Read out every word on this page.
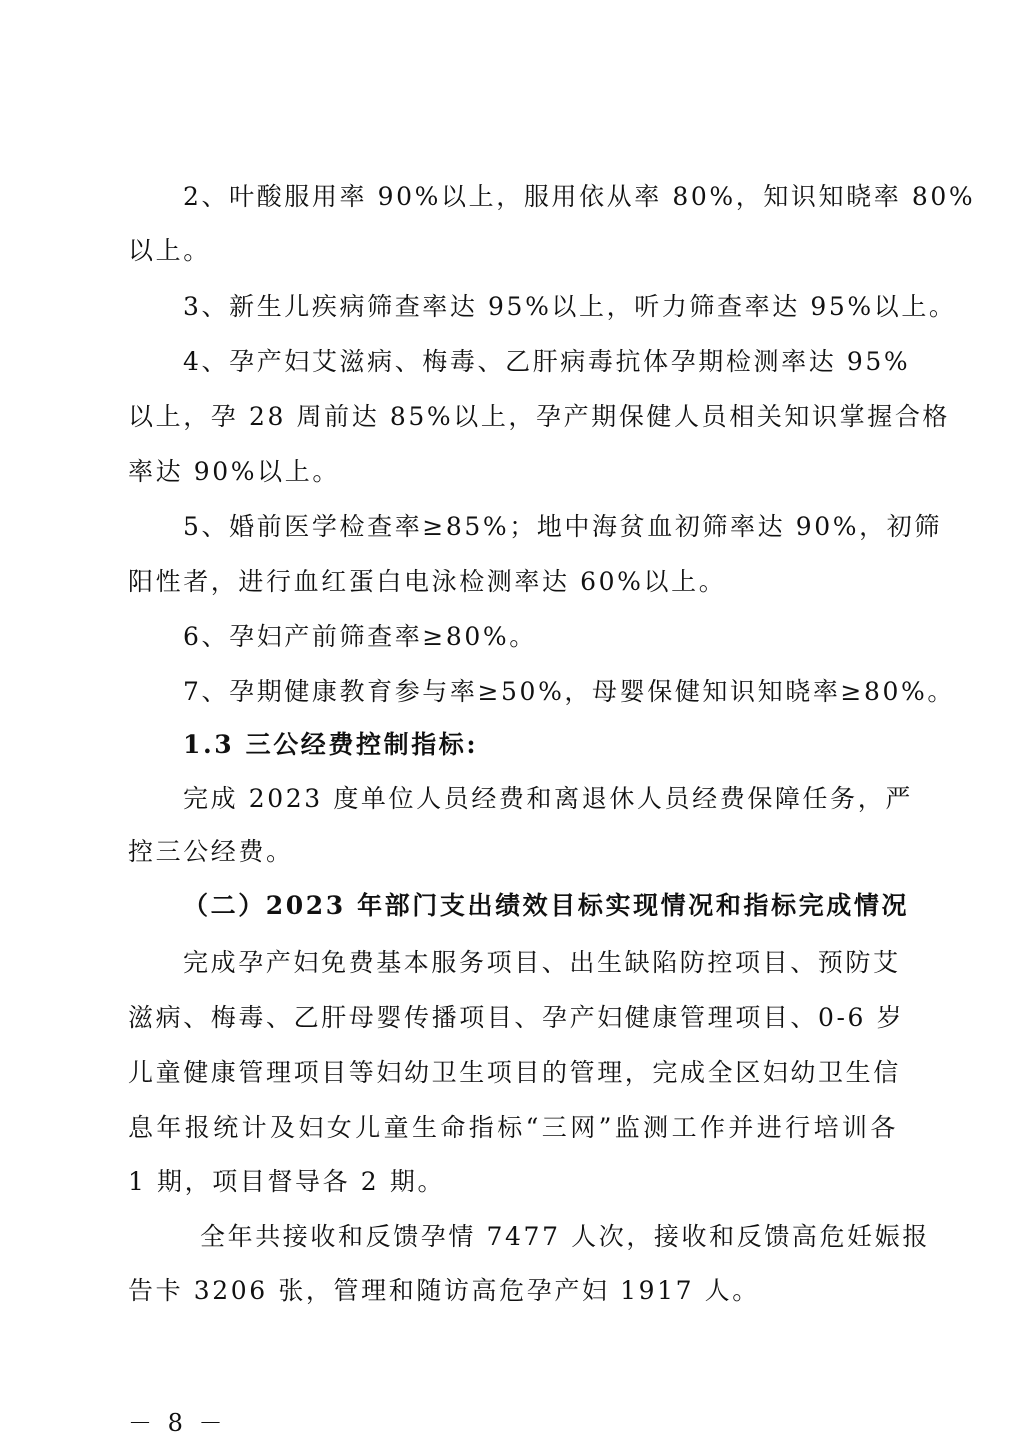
2、叶酸服用率 90%以上，服用依从率 80%，知识知晓率 80%
以上。
3、新生儿疾病筛查率达 95%以上，听力筛查率达 95%以上。
4、孕产妇艾滋病、梅毒、乙肝病毒抗体孕期检测率达 95%
以上，孕 28 周前达 85%以上，孕产期保健人员相关知识掌握合格
率达 90%以上。
5、婚前医学检查率≥85%；地中海贫血初筛率达 90%，初筛
阳性者，进行血红蛋白电泳检测率达 60%以上。
6、孕妇产前筛查率≥80%。
7、孕期健康教育参与率≥50%，母婴保健知识知晓率≥80%。
1.3 三公经费控制指标:
完成 2023 度单位人员经费和离退休人员经费保障任务，严
控三公经费。
（二）2023 年部门支出绩效目标实现情况和指标完成情况
完成孕产妇免费基本服务项目、出生缺陷防控项目、预防艾
滋病、梅毒、乙肝母婴传播项目、孕产妇健康管理项目、0-6 岁
儿童健康管理项目等妇幼卫生项目的管理，完成全区妇幼卫生信
息年报统计及妇女儿童生命指标“三网”监测工作并进行培训各
1 期，项目督导各 2 期。
全年共接收和反馈孕情 7477 人次，接收和反馈高危妊娠报
告卡 3206 张，管理和随访高危孕产妇 1917 人。
－ 8 －
